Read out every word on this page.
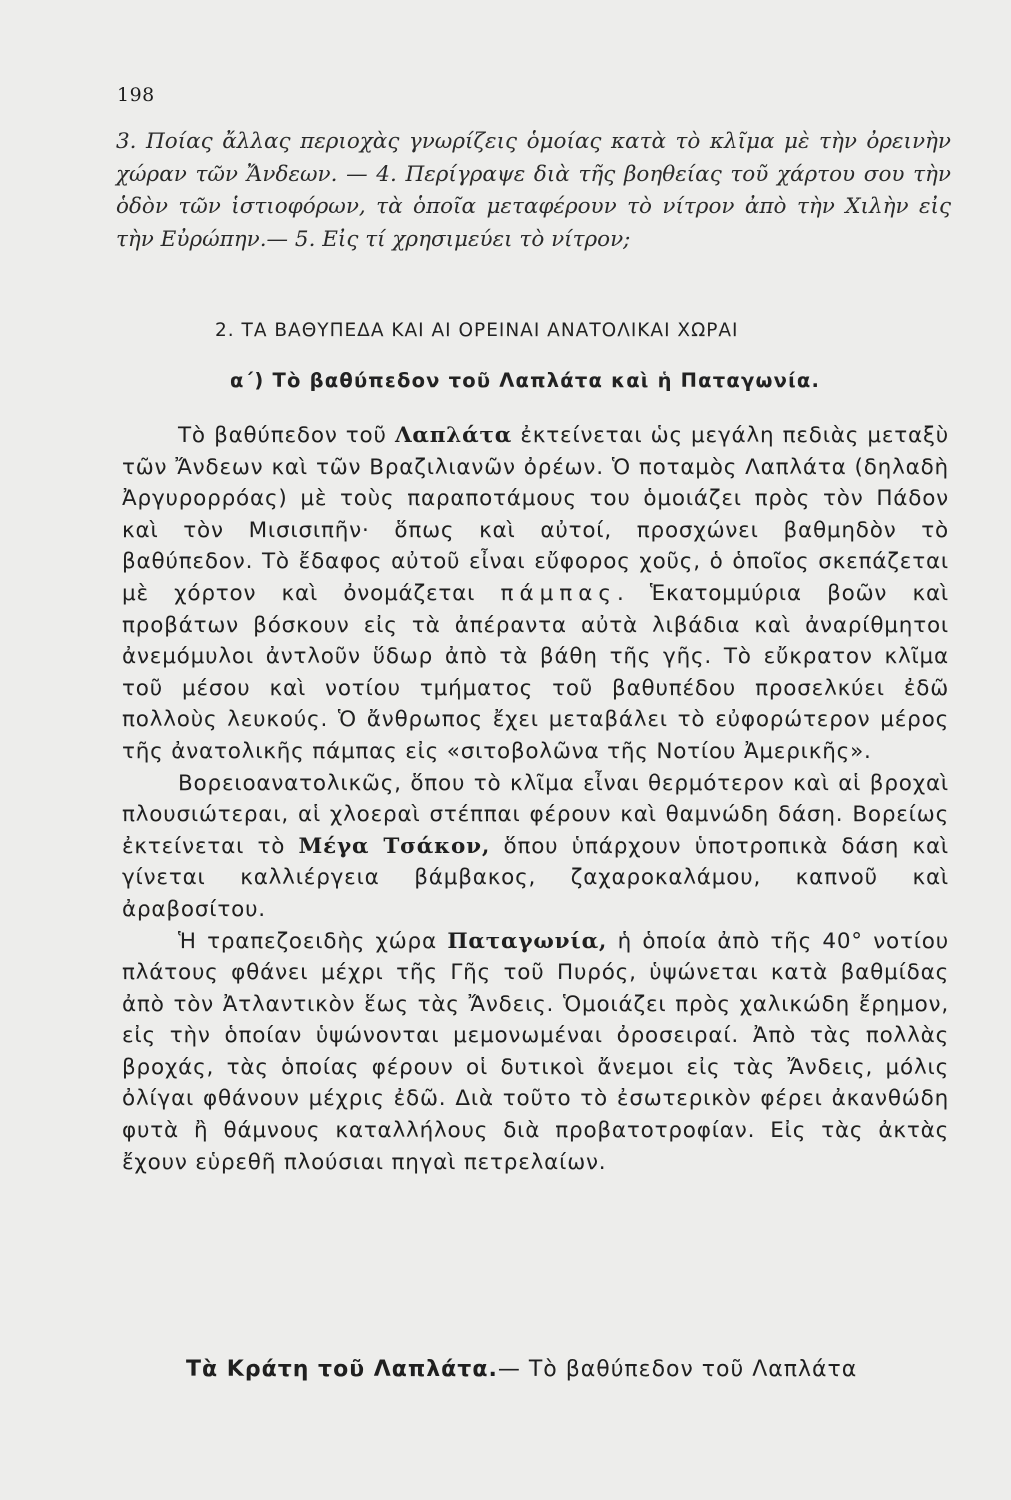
198
3. Ποίας ἄλλας περιοχὰς γνωρίζεις ὁμοίας κατὰ τὸ κλῖμα μὲ τὴν ὀρεινὴν χώραν τῶν Ἄνδεων. — 4. Περίγραψε διὰ τῆς βοηθείας τοῦ χάρτου σου τὴν ὁδὸν τῶν ἱστιοφόρων, τὰ ὁποῖα μεταφέρουν τὸ νίτρον ἀπὸ τὴν Χιλὴν εἰς τὴν Εὐρώπην.— 5. Εἰς τί χρησιμεύει τὸ νίτρον;
2. ΤΑ ΒΑΘΥΠΕΔΑ ΚΑΙ ΑΙ ΟΡΕΙΝΑΙ ΑΝΑΤΟΛΙΚΑΙ ΧΩΡΑΙ
α΄) Τὸ βαθύπεδον τοῦ Λαπλάτα καὶ ἡ Παταγωνία.

Τὸ βαθύπεδον τοῦ Λαπλάτα ἐκτείνεται ὡς μεγάλη πεδιὰς μεταξὺ τῶν Ἄνδεων καὶ τῶν Βραζιλιανῶν ὀρέων. Ὁ ποταμὸς Λαπλάτα (δηλαδὴ Ἀργυρορρόας) μὲ τοὺς παραποτάμους του ὁμοιάζει πρὸς τὸν Πάδον καὶ τὸν Μισισιπῆν· ὅπως καὶ αὐτοί, προσχώνει βαθμηδὸν τὸ βαθύπεδον. Τὸ ἔδαφος αὐτοῦ εἶναι εὔφορος χοῦς, ὁ ὁποῖος σκεπάζεται μὲ χόρτον καὶ ὀνομάζεται πάμπας. Ἑκατομμύρια βοῶν καὶ προβάτων βόσκουν εἰς τὰ ἀπέραντα αὐτὰ λιβάδια καὶ ἀναρίθμητοι ἀνεμόμυλοι ἀντλοῦν ὕδωρ ἀπὸ τὰ βάθη τῆς γῆς. Τὸ εὔκρατον κλῖμα τοῦ μέσου καὶ νοτίου τμήματος τοῦ βαθυπέδου προσελκύει ἐδῶ πολλοὺς λευκούς. Ὁ ἄνθρωπος ἔχει μεταβάλει τὸ εὐφορώτερον μέρος τῆς ἀνατολικῆς πάμπας εἰς «σιτοβολῶνα τῆς Νοτίου Ἀμερικῆς».

Βορειοανατολικῶς, ὅπου τὸ κλῖμα εἶναι θερμότερον καὶ αἱ βροχαὶ πλουσιώτεραι, αἱ χλοεραὶ στέππαι φέρουν καὶ θαμνώδη δάση. Βορείως ἐκτείνεται τὸ Μέγα Τσάκον, ὅπου ὑπάρχουν ὑποτροπικὰ δάση καὶ γίνεται καλλιέργεια βάμβακος, ζαχαροκαλάμου, καπνοῦ καὶ ἀραβοσίτου.

Ἡ τραπεζοειδὴς χώρα Παταγωνία, ἡ ὁποία ἀπὸ τῆς 40° νοτίου πλάτους φθάνει μέχρι τῆς Γῆς τοῦ Πυρός, ὑψώνεται κατὰ βαθμίδας ἀπὸ τὸν Ἀτλαντικὸν ἕως τὰς Ἄνδεις. Ὁμοιάζει πρὸς χαλικώδη ἔρημον, εἰς τὴν ὁποίαν ὑψώνονται μεμονωμέναι ὀροσειραί. Ἀπὸ τὰς πολλὰς βροχάς, τὰς ὁποίας φέρουν οἱ δυτικοὶ ἄνεμοι εἰς τὰς Ἄνδεις, μόλις ὀλίγαι φθάνουν μέχρις ἐδῶ. Διὰ τοῦτο τὸ ἐσωτερικὸν φέρει ἀκανθώδη φυτὰ ἢ θάμνους καταλλήλους διὰ προβατοτροφίαν. Εἰς τὰς ἀκτὰς ἔχουν εὑρεθῆ πλούσιαι πηγαὶ πετρελαίων.

Τὰ Κράτη τοῦ Λαπλάτα.— Τὸ βαθύπεδον τοῦ Λαπλάτα
